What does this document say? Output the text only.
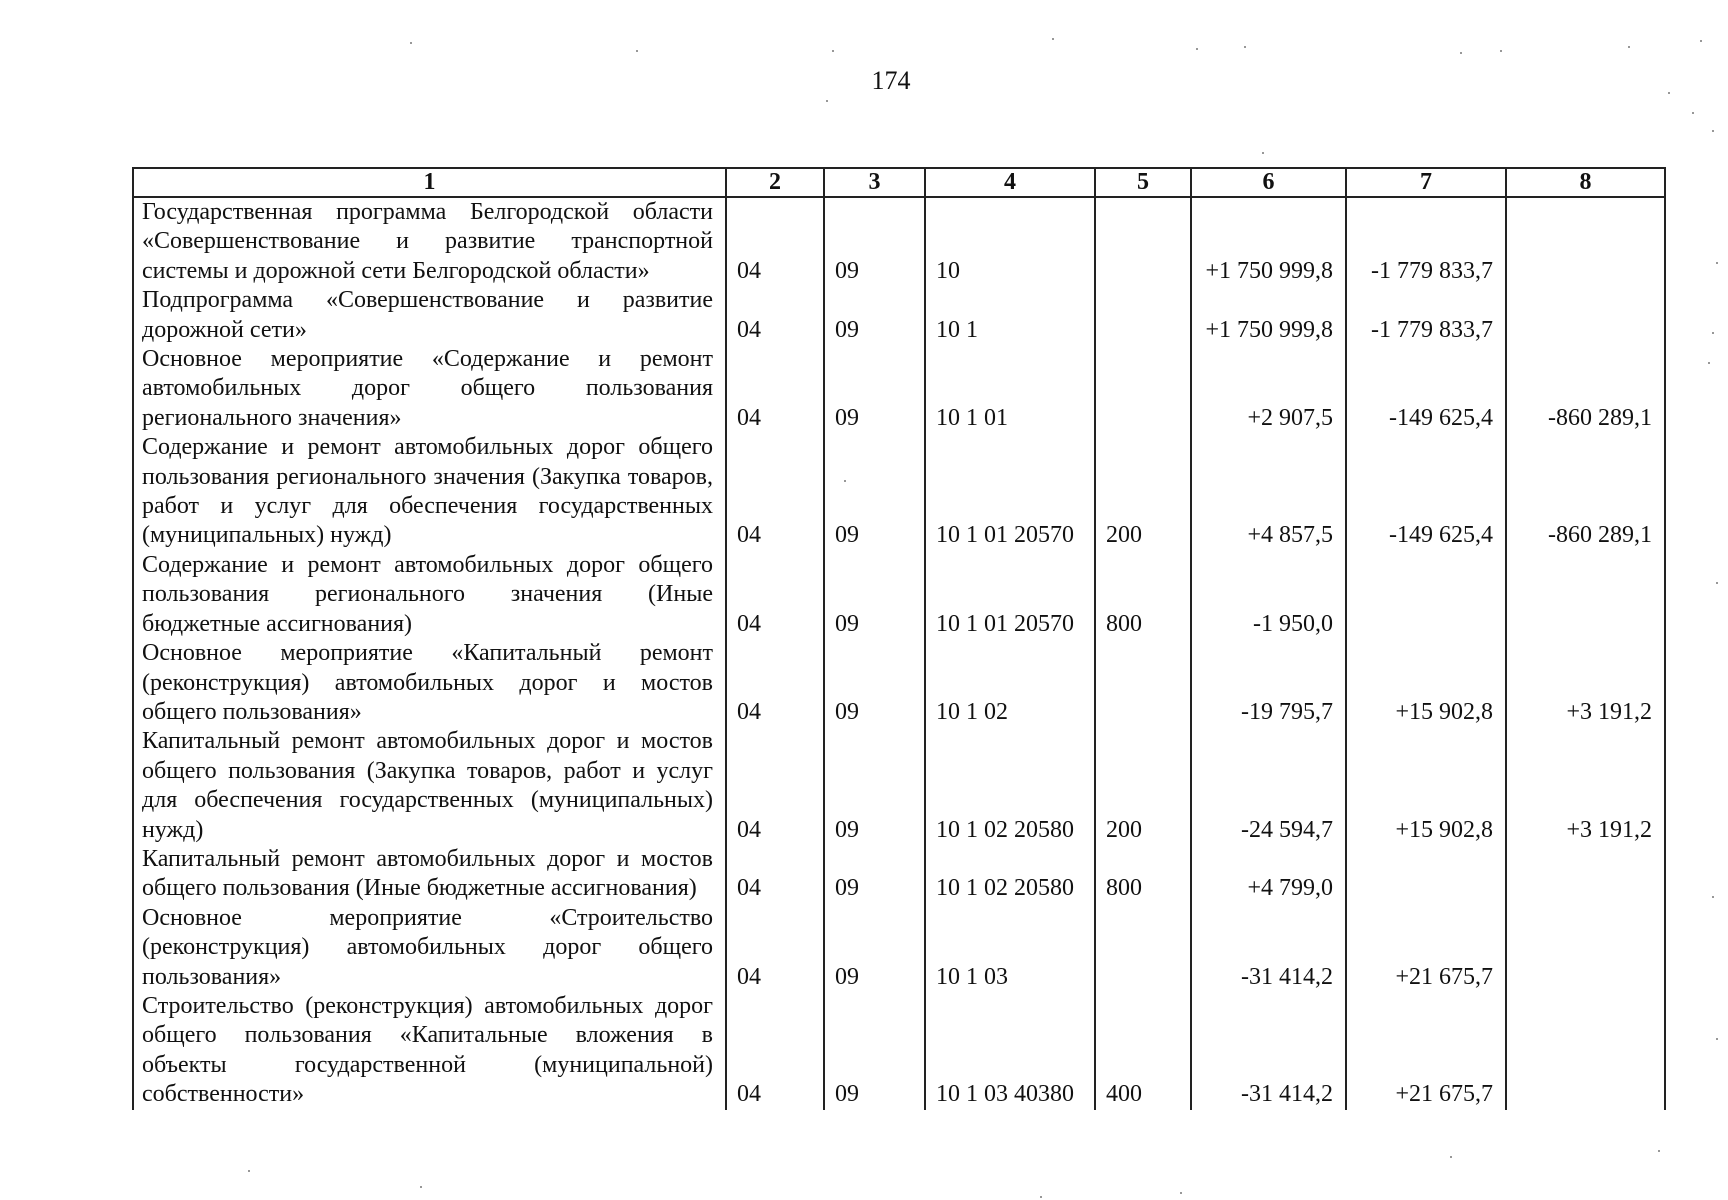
174
1	2	3	4	5	6	7	8
Государственная программа Белгородской области «Совершенствование и развитие транспортной системы и дорожной сети Белгородской области»	04	09	10		+1 750 999,8	-1 779 833,7	
Подпрограмма «Совершенствование и развитие дорожной сети»	04	09	10 1		+1 750 999,8	-1 779 833,7	
Основное мероприятие «Содержание и ремонт автомобильных дорог общего пользования регионального значения»	04	09	10 1 01		+2 907,5	-149 625,4	-860 289,1
Содержание и ремонт автомобильных дорог общего пользования регионального значения (Закупка товаров, работ и услуг для обеспечения государственных (муниципальных) нужд)	04	09	10 1 01 20570	200	+4 857,5	-149 625,4	-860 289,1
Содержание и ремонт автомобильных дорог общего пользования регионального значения (Иные бюджетные ассигнования)	04	09	10 1 01 20570	800	-1 950,0		
Основное мероприятие «Капитальный ремонт (реконструкция) автомобильных дорог и мостов общего пользования»	04	09	10 1 02		-19 795,7	+15 902,8	+3 191,2
Капитальный ремонт автомобильных дорог и мостов общего пользования (Закупка товаров, работ и услуг для обеспечения государственных (муниципальных) нужд)	04	09	10 1 02 20580	200	-24 594,7	+15 902,8	+3 191,2
Капитальный ремонт автомобильных дорог и мостов общего пользования (Иные бюджетные ассигнования)	04	09	10 1 02 20580	800	+4 799,0		
Основное мероприятие «Строительство (реконструкция) автомобильных дорог общего пользования»	04	09	10 1 03		-31 414,2	+21 675,7	
Строительство (реконструкция) автомобильных дорог общего пользования «Капитальные вложения в объекты государственной (муниципальной) собственности»	04	09	10 1 03 40380	400	-31 414,2	+21 675,7	
